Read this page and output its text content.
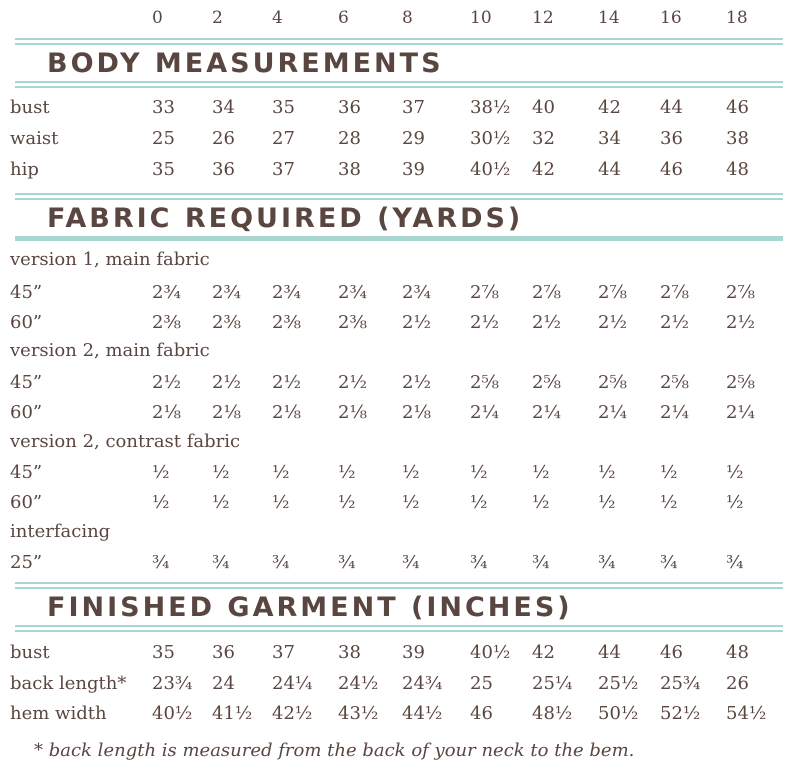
0	2	4	6	8	10 12	14 16	18
BODY MEASUREMENTS
bust	33 34 35 36 37	38½ 40 42 44 46
waist	25 26 27 28 29	30½ 32 34 36 38
hip	35 36 37 38 39	40½ 42 44 46 48
FABRIC REQUIRED (YARDS)
version 1, main fabric
45”	2¾ 2¾ 2¾ 2¾ 2¾ 2⅞ 2⅞ 2⅞ 2⅞ 2⅞
60”	2⅜ 2⅜ 2⅜ 2⅜ 2½ 2½ 2½ 2½ 2½ 2½
version 2, main fabric
45”	2½ 2½ 2½ 2½ 2½ 2⅝ 2⅝ 2⅝ 2⅝ 2⅝
60”	2⅛ 2⅛ 2⅛ 2⅛ 2⅛ 2¼ 2¼ 2¼ 2¼ 2¼
version 2, contrast fabric
45”	½ ½ ½	½	½	½ ½	½ ½	½
60”	½ ½ ½	½	½	½ ½	½ ½	½
interfacing
25”	¾ ¾ ¾	¾	¾	¾ ¾	¾ ¾	¾
FINISHED GARMENT (INCHES)
bust	35 36 37 38 39	40½ 42 44 46 48
back length* 23¾ 24 24¼ 24½ 24¾ 25 25¼ 25½ 25¾ 26
hem width	40½ 41½ 42½ 43½ 44½ 46 48½ 50½ 52½ 54½
* back length is measured from the back of your neck to the bem.
